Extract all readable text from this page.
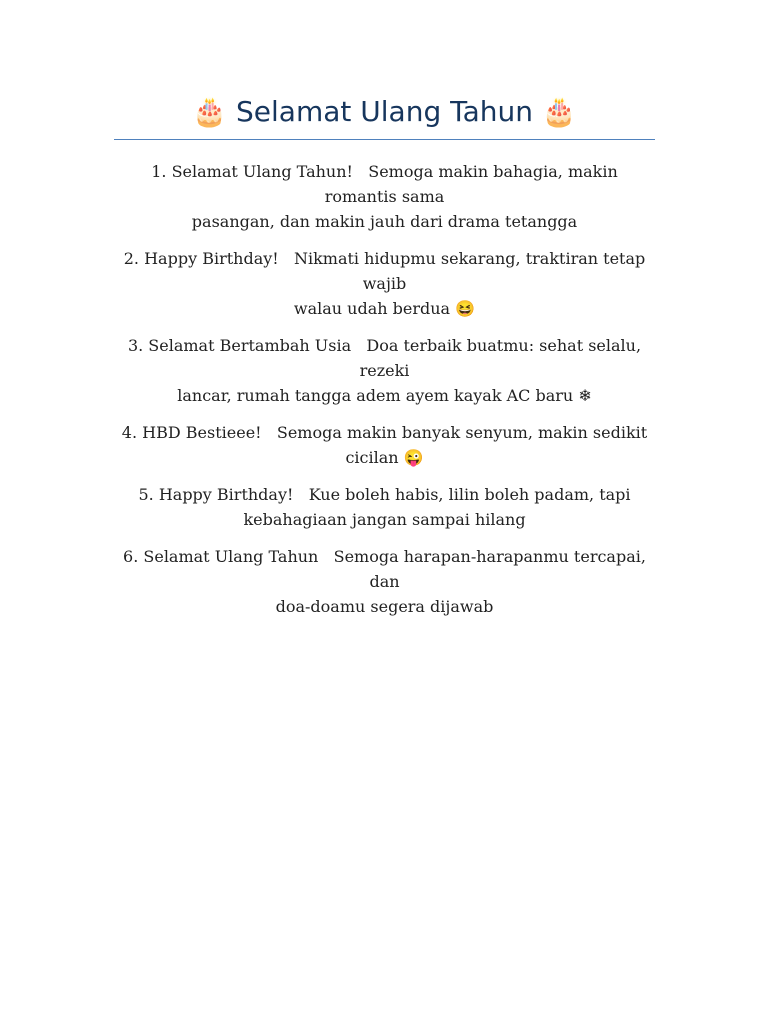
🎂 Selamat Ulang Tahun 🎂
1. Selamat Ulang Tahun!   Semoga makin bahagia, makin romantis sama
pasangan, dan makin jauh dari drama tetangga
2. Happy Birthday!   Nikmati hidupmu sekarang, traktiran tetap wajib
walau udah berdua 😆
3. Selamat Bertambah Usia   Doa terbaik buatmu: sehat selalu, rezeki
lancar, rumah tangga adem ayem kayak AC baru ❄
4. HBD Bestieee!   Semoga makin banyak senyum, makin sedikit
cicilan 😜
5. Happy Birthday!   Kue boleh habis, lilin boleh padam, tapi
kebahagiaan jangan sampai hilang
6. Selamat Ulang Tahun   Semoga harapan-harapanmu tercapai, dan
doa-doamu segera dijawab
